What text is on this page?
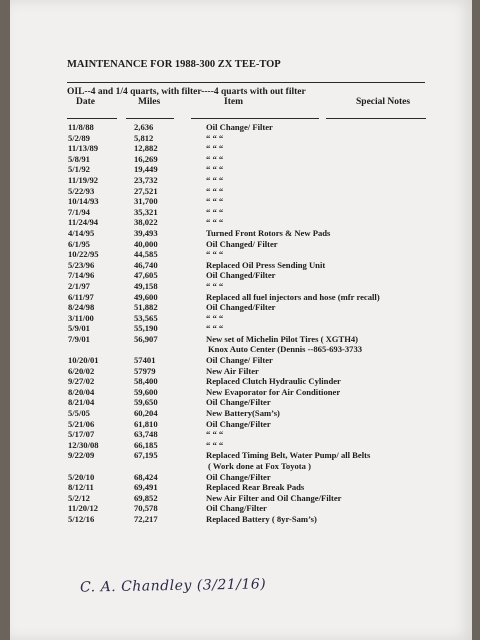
MAINTENANCE FOR 1988-300 ZX TEE-TOP
OIL--4 and 1/4 quarts, with filter----4 quarts with out filter
Date	Miles	Item	Special Notes
11/8/88	2,636	Oil Change/ Filter
5/2/89	5,812	“ “ “
11/13/89	12,882	“ “ “
5/8/91	16,269	“ “ “
5/1/92	19,449	“ “ “
11/19/92	23,732	“ “ “
5/22/93	27,521	“ “ “
10/14/93	31,700	“ “ “
7/1/94	35,321	“ “ “
11/24/94	38,022	“ “ “
4/14/95	39,493	Turned Front Rotors & New Pads
6/1/95	40,000	Oil Changed/ Filter
10/22/95	44,585	“ “ “
5/23/96	46,740	Replaced Oil Press Sending Unit
7/14/96	47,605	Oil Changed/Filter
2/1/97	49,158	“ “ “
6/11/97	49,600	Replaced all fuel injectors and hose (mfr recall)
8/24/98	51,882	Oil Changed/Filter
3/11/00	53,565	“ “ “
5/9/01	55,190	“ “ “
7/9/01	56,907	New set of Michelin Pilot Tires ( XGTH4)
Knox Auto Center (Dennis --865-693-3733
10/20/01	57401	Oil Change/ Filter
6/20/02	57979	New Air Filter
9/27/02	58,400	Replaced Clutch Hydraulic Cylinder
8/20/04	59,600	New Evaporator for Air Conditioner
8/21/04	59,650	Oil Change/Filter
5/5/05	60,204	New Battery(Sam’s)
5/21/06	61,810	Oil Change/Filter
5/17/07	63,748	“ “ “
12/30/08	66,185	“ “ “
9/22/09	67,195	Replaced Timing Belt, Water Pump/ all Belts
( Work done at Fox Toyota )
5/20/10	68,424	Oil Change/Filter
8/12/11	69,491	Replaced Rear Break Pads
5/2/12	69,852	New Air Filter and Oil Change/Filter
11/20/12	70,578	Oil Chang/Filter
5/12/16	72,217	Replaced Battery ( 8yr-Sam’s)
C. A. Chandley (3/21/16)
